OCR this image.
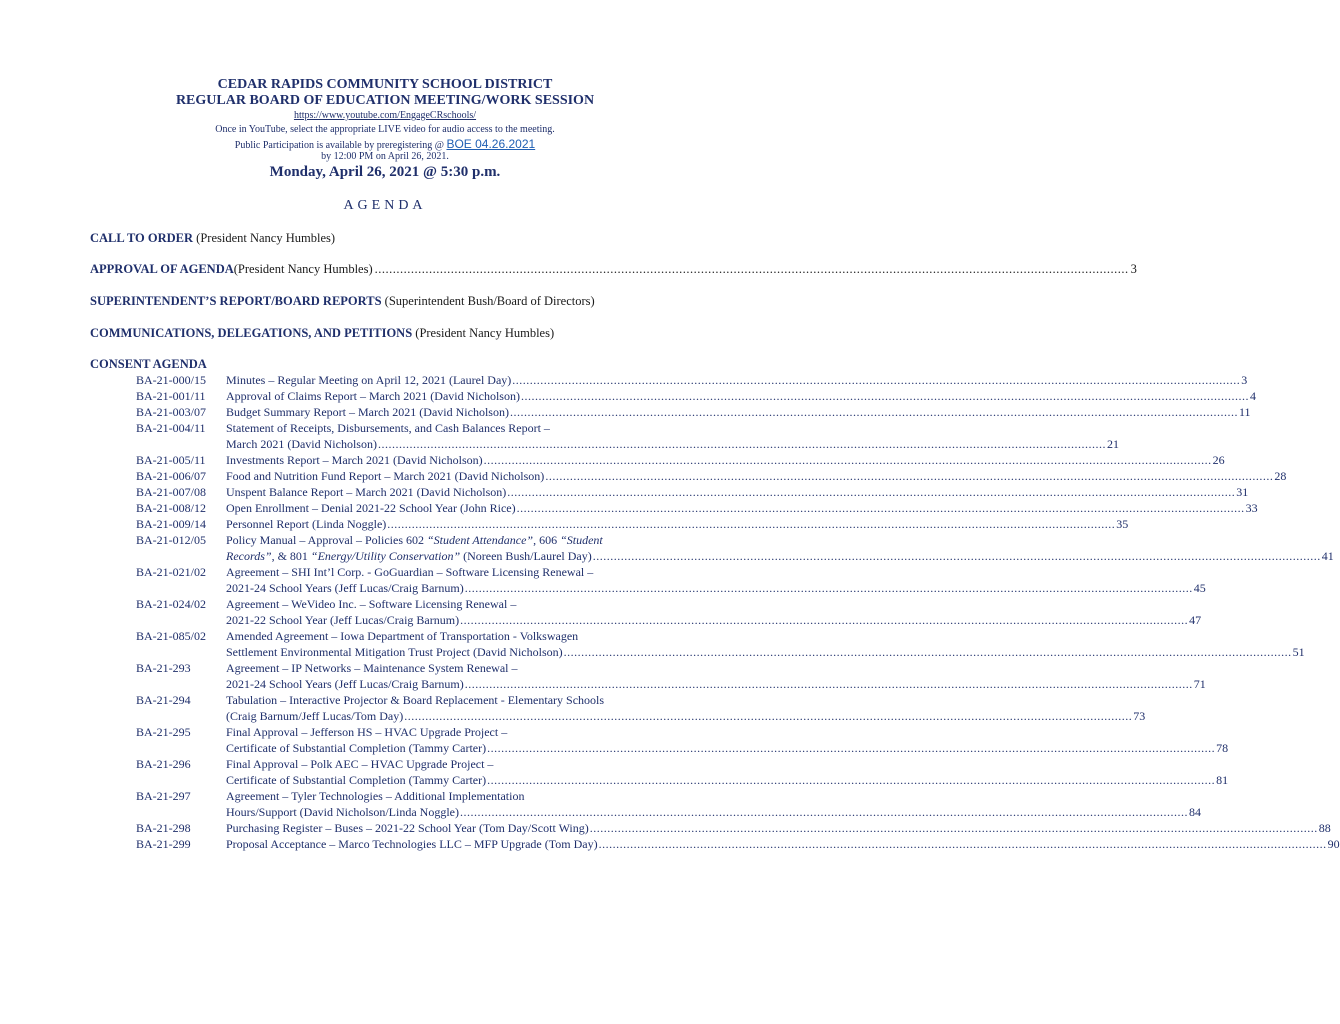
CEDAR RAPIDS COMMUNITY SCHOOL DISTRICT
REGULAR BOARD OF EDUCATION MEETING/WORK SESSION
https://www.youtube.com/EngageCRschools/
Once in YouTube, select the appropriate LIVE video for audio access to the meeting.
Public Participation is available by preregistering @ BOE 04.26.2021
by 12:00 PM on April 26, 2021.
Monday, April 26, 2021 @ 5:30 p.m.
AGENDA
CALL TO ORDER (President Nancy Humbles)
APPROVAL OF AGENDA (President Nancy Humbles) .....	3
SUPERINTENDENT’S REPORT/BOARD REPORTS (Superintendent Bush/Board of Directors)
COMMUNICATIONS, DELEGATIONS, AND PETITIONS (President Nancy Humbles)
CONSENT AGENDA
BA-21-000/15	Minutes – Regular Meeting on April 12, 2021 (Laurel Day) .....	3
BA-21-001/11	Approval of Claims Report – March 2021 (David Nicholson) .....	4
BA-21-003/07	Budget Summary Report – March 2021 (David Nicholson) .....	11
BA-21-004/11	Statement of Receipts, Disbursements, and Cash Balances Report –
March 2021 (David Nicholson) .....	21
BA-21-005/11	Investments Report – March 2021 (David Nicholson) .....	26
BA-21-006/07	Food and Nutrition Fund Report – March 2021 (David Nicholson) .....	28
BA-21-007/08	Unspent Balance Report – March 2021 (David Nicholson) .....	31
BA-21-008/12	Open Enrollment – Denial 2021-22 School Year (John Rice) .....	33
BA-21-009/14	Personnel Report (Linda Noggle) .....	35
BA-21-012/05	Policy Manual – Approval – Policies 602 “Student Attendance”, 606 “Student
Records”, & 801 “Energy/Utility Conservation” (Noreen Bush/Laurel Day) .....	41
BA-21-021/02	Agreement – SHI Int’l Corp. - GoGuardian – Software Licensing Renewal –
2021-24 School Years (Jeff Lucas/Craig Barnum) .....	45
BA-21-024/02	Agreement – WeVideo Inc. – Software Licensing Renewal –
2021-22 School Year (Jeff Lucas/Craig Barnum) .....	47
BA-21-085/02	Amended Agreement – Iowa Department of Transportation - Volkswagen
Settlement Environmental Mitigation Trust Project (David Nicholson) .....	51
BA-21-293	Agreement – IP Networks – Maintenance System Renewal –
2021-24 School Years (Jeff Lucas/Craig Barnum) .....	71
BA-21-294	Tabulation – Interactive Projector & Board Replacement - Elementary Schools
(Craig Barnum/Jeff Lucas/Tom Day) .....	73
BA-21-295	Final Approval – Jefferson HS – HVAC Upgrade Project –
Certificate of Substantial Completion (Tammy Carter) .....	78
BA-21-296	Final Approval – Polk AEC – HVAC Upgrade Project –
Certificate of Substantial Completion (Tammy Carter) .....	81
BA-21-297	Agreement – Tyler Technologies – Additional Implementation
Hours/Support (David Nicholson/Linda Noggle) .....	84
BA-21-298	Purchasing Register – Buses – 2021-22 School Year (Tom Day/Scott Wing) .....	88
BA-21-299	Proposal Acceptance – Marco Technologies LLC – MFP Upgrade (Tom Day) .....	90
